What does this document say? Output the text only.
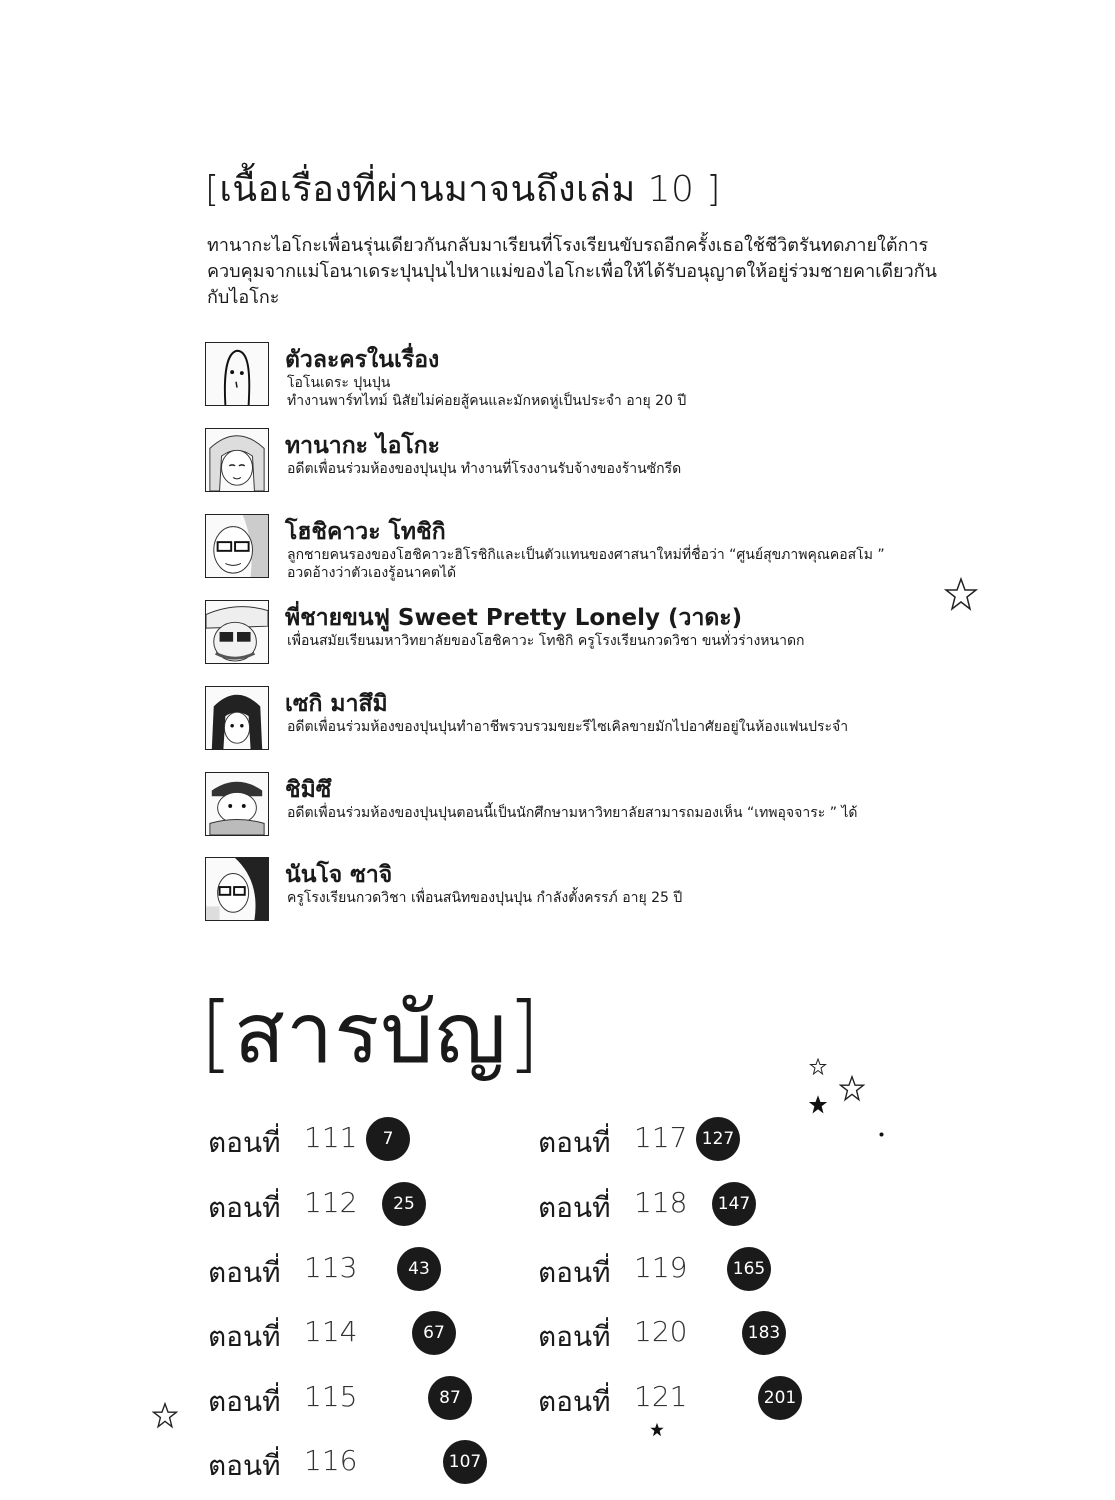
[เนื้อเรื่องที่ผ่านมาจนถึงเล่ม 10 ]
ทานากะไอโกะเพื่อนรุ่นเดียวกันกลับมาเรียนที่โรงเรียนขับรถอีกครั้งเธอใช้ชีวิตรันทดภายใต้การ
ควบคุมจากแม่โอนาเดระปุนปุนไปหาแม่ของไอโกะเพื่อให้ได้รับอนุญาตให้อยู่ร่วมชายคาเดียวกัน
กับไอโกะ
ตัวละครในเรื่อง
โอโนเดระ ปุนปุน
ทำงานพาร์ทไทม์ นิสัยไม่ค่อยสู้คนและมักหดหู่เป็นประจำ อายุ 20 ปี
ทานากะ ไอโกะ
อดีตเพื่อนร่วมห้องของปุนปุน ทำงานที่โรงงานรับจ้างของร้านซักรีด
โฮชิคาวะ โทชิกิ
ลูกชายคนรองของโฮชิคาวะฮิโรชิกิและเป็นตัวแทนของศาสนาใหม่ที่ชื่อว่า “ศูนย์สุขภาพคุณคอสโม ”
อวดอ้างว่าตัวเองรู้อนาคตได้
พี่ชายขนฟู Sweet Pretty Lonely (วาดะ)
เพื่อนสมัยเรียนมหาวิทยาลัยของโฮชิคาวะ โทชิกิ ครูโรงเรียนกวดวิชา ขนทั่วร่างหนาดก
เซกิ มาสึมิ
อดีตเพื่อนร่วมห้องของปุนปุนทำอาชีพรวบรวมขยะรีไซเคิลขายมักไปอาศัยอยู่ในห้องแฟนประจำ
ชิมิซึ
อดีตเพื่อนร่วมห้องของปุนปุนตอนนี้เป็นนักศึกษามหาวิทยาลัยสามารถมองเห็น “เทพอุจจาระ ” ได้
นันโจ ซาจิ
ครูโรงเรียนกวดวิชา เพื่อนสนิทของปุนปุน กำลังตั้งครรภ์ อายุ 25 ปี
[สารบัญ]
ตอนที่ 111	7
ตอนที่ 112	25
ตอนที่ 113	43
ตอนที่ 114	67
ตอนที่ 115	87
ตอนที่ 116	107
ตอนที่ 117 127
ตอนที่ 118	147
ตอนที่ 119	165
ตอนที่ 120	183
ตอนที่ 121	201
